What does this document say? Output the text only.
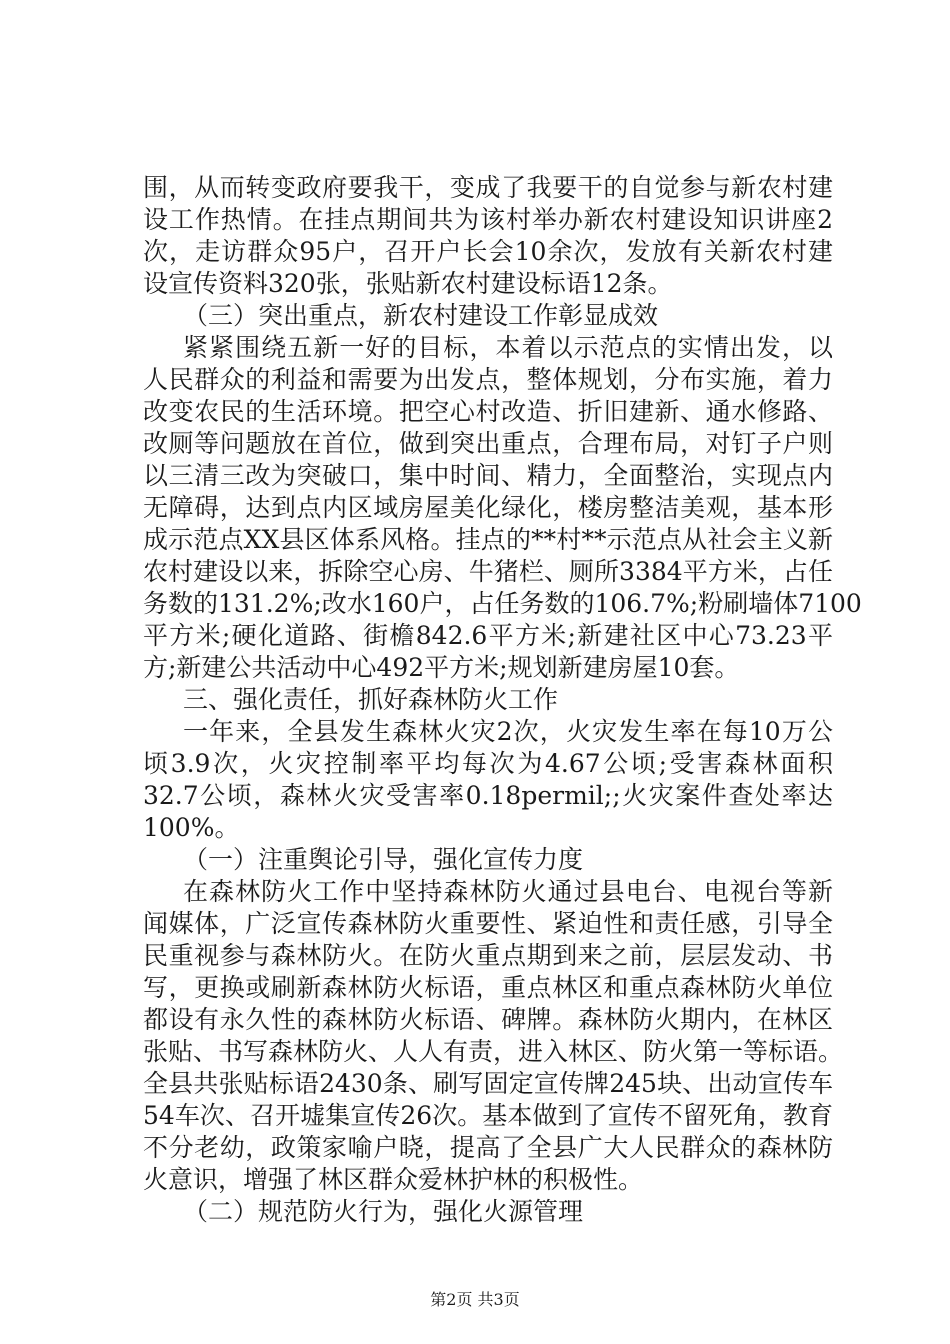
围，从而转变政府要我干，变成了我要干的自觉参与新农村建
设工作热情。在挂点期间共为该村举办新农村建设知识讲座2
次，走访群众95户，召开户长会10余次，发放有关新农村建
设宣传资料320张，张贴新农村建设标语12条。
（三）突出重点，新农村建设工作彰显成效
紧紧围绕五新一好的目标，本着以示范点的实情出发，以
人民群众的利益和需要为出发点，整体规划，分布实施，着力
改变农民的生活环境。把空心村改造、折旧建新、通水修路、
改厕等问题放在首位，做到突出重点，合理布局，对钉子户则
以三清三改为突破口，集中时间、精力，全面整治，实现点内
无障碍，达到点内区域房屋美化绿化，楼房整洁美观，基本形
成示范点XX县区体系风格。挂点的**村**示范点从社会主义新
农村建设以来，拆除空心房、牛猪栏、厕所3384平方米，占任
务数的131.2%;改水160户，占任务数的106.7%;粉刷墙体7100
平方米;硬化道路、街檐842.6平方米;新建社区中心73.23平
方;新建公共活动中心492平方米;规划新建房屋10套。
三、强化责任，抓好森林防火工作
一年来，全县发生森林火灾2次，火灾发生率在每10万公
顷3.9次，火灾控制率平均每次为4.67公顷;受害森林面积
32.7公顷，森林火灾受害率0.18permil;;火灾案件查处率达
100%。
（一）注重舆论引导，强化宣传力度
在森林防火工作中坚持森林防火通过县电台、电视台等新
闻媒体，广泛宣传森林防火重要性、紧迫性和责任感，引导全
民重视参与森林防火。在防火重点期到来之前，层层发动、书
写，更换或刷新森林防火标语，重点林区和重点森林防火单位
都设有永久性的森林防火标语、碑牌。森林防火期内，在林区
张贴、书写森林防火、人人有责，进入林区、防火第一等标语。
全县共张贴标语2430条、刷写固定宣传牌245块、出动宣传车
54车次、召开墟集宣传26次。基本做到了宣传不留死角，教育
不分老幼，政策家喻户晓，提高了全县广大人民群众的森林防
火意识，增强了林区群众爱林护林的积极性。
（二）规范防火行为，强化火源管理
第2页 共3页
